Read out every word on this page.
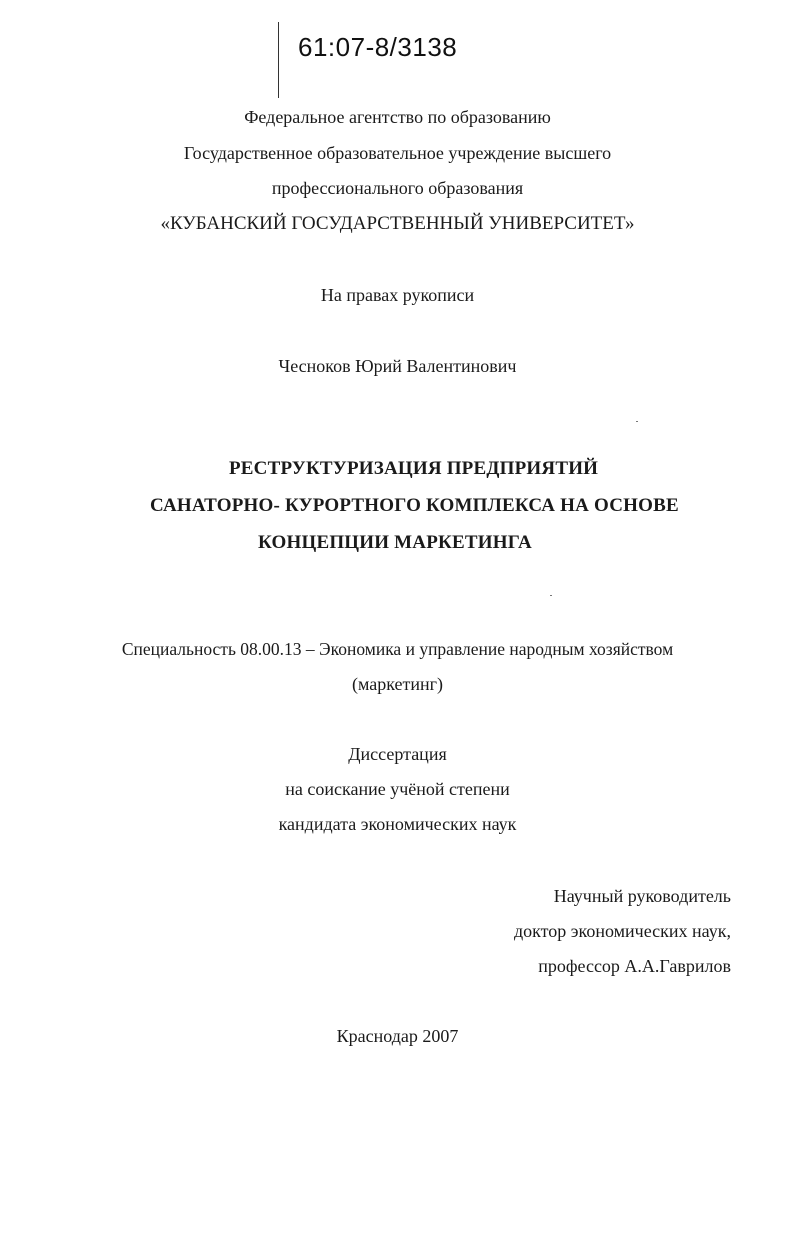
61:07-8/3138
Федеральное агентство по образованию
Государственное образовательное учреждение высшего
профессионального образования
«КУБАНСКИЙ ГОСУДАРСТВЕННЫЙ УНИВЕРСИТЕТ»
На правах рукописи
Чесноков Юрий Валентинович
РЕСТРУКТУРИЗАЦИЯ ПРЕДПРИЯТИЙ
САНАТОРНО- КУРОРТНОГО КОМПЛЕКСА НА ОСНОВЕ
КОНЦЕПЦИИ МАРКЕТИНГА
Специальность 08.00.13 – Экономика и управление народным хозяйством
(маркетинг)
Диссертация
на соискание учёной степени
кандидата экономических наук
Научный руководитель
доктор экономических наук,
профессор А.А.Гаврилов
Краснодар 2007
